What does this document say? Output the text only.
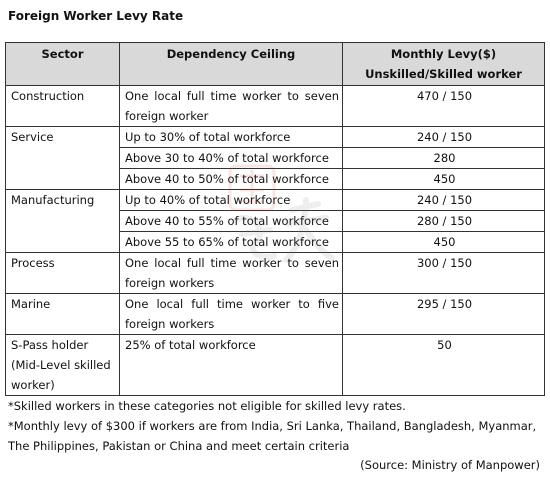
Foreign Worker Levy Rate
Sector	Dependency Ceiling	Monthly Levy($) Unskilled/Skilled worker
Construction	One local full time worker to seven foreign worker	470 / 150
Service	Up to 30% of total workforce	240 / 150
	Above 30 to 40% of total workforce	280
	Above 40 to 50% of total workforce	450
Manufacturing	Up to 40% of total workforce	240 / 150
	Above 40 to 55% of total workforce	280 / 150
	Above 55 to 65% of total workforce	450
Process	One local full time worker to seven foreign workers	300 / 150
Marine	One local full time worker to five foreign workers	295 / 150
S-Pass holder (Mid-Level skilled worker)	25% of total workforce	50
*Skilled workers in these categories not eligible for skilled levy rates.
*Monthly levy of $300 if workers are from India, Sri Lanka, Thailand, Bangladesh, Myanmar, The Philippines, Pakistan or China and meet certain criteria
(Source: Ministry of Manpower)
